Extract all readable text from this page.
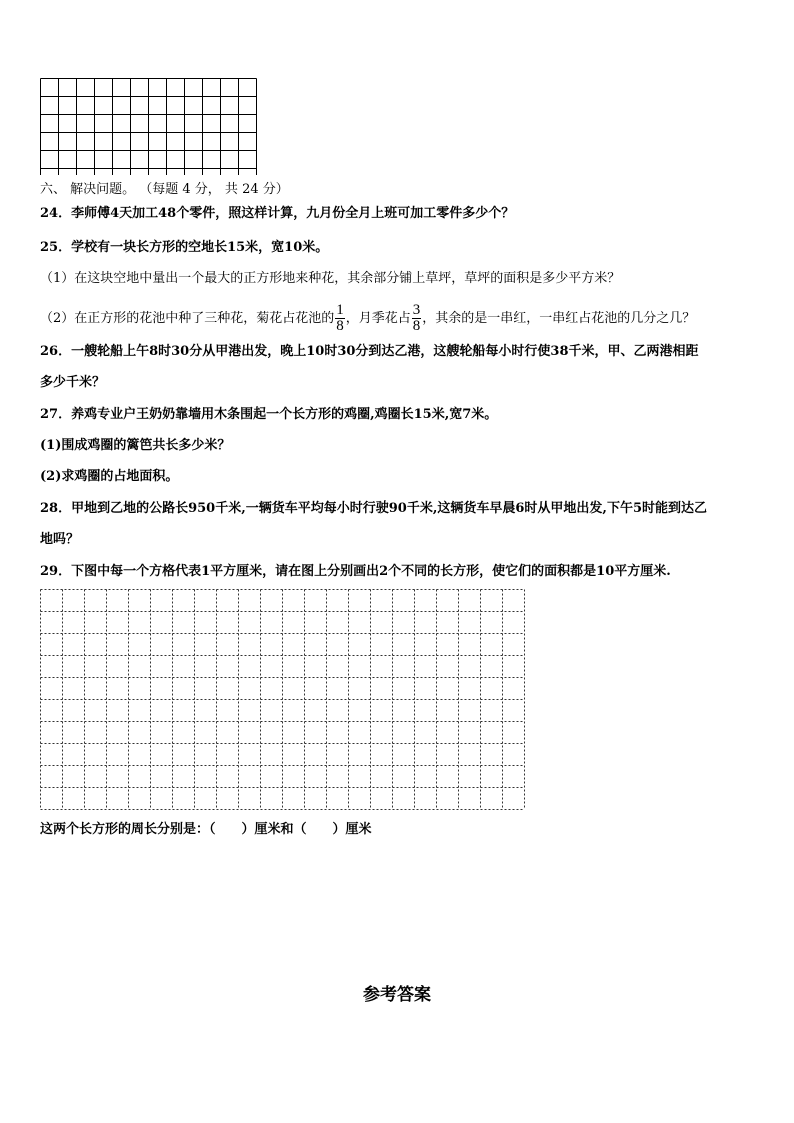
六、 解决问题。 （每题 4 分， 共 24 分）
24．李师傅4天加工48个零件，照这样计算，九月份全月上班可加工零件多少个？
25．学校有一块长方形的空地长15米，宽10米。
（1）在这块空地中量出一个最大的正方形地来种花，其余部分铺上草坪，草坪的面积是多少平方米？
（2）在正方形的花池中种了三种花，菊花占花池的 $\frac{1}{8}$ ，月季花占 $\frac{3}{8}$ ，其余的是一串红，一串红占花池的几分之几？
26．一艘轮船上午8时30分从甲港出发，晚上10时30分到达乙港，这艘轮船每小时行使38千米，甲、乙两港相距
多少千米？
27．养鸡专业户王奶奶靠墙用木条围起一个长方形的鸡圈,鸡圈长15米,宽7米。
(1)围成鸡圈的篱笆共长多少米？
(2)求鸡圈的占地面积。
28．甲地到乙地的公路长950千米,一辆货车平均每小时行驶90千米,这辆货车早晨6时从甲地出发,下午5时能到达乙
地吗？
29．下图中每一个方格代表1平方厘米，请在图上分别画出2个不同的长方形，使它们的面积都是10平方厘米.
这两个长方形的周长分别是：（　　）厘米和（　　）厘米
参考答案
